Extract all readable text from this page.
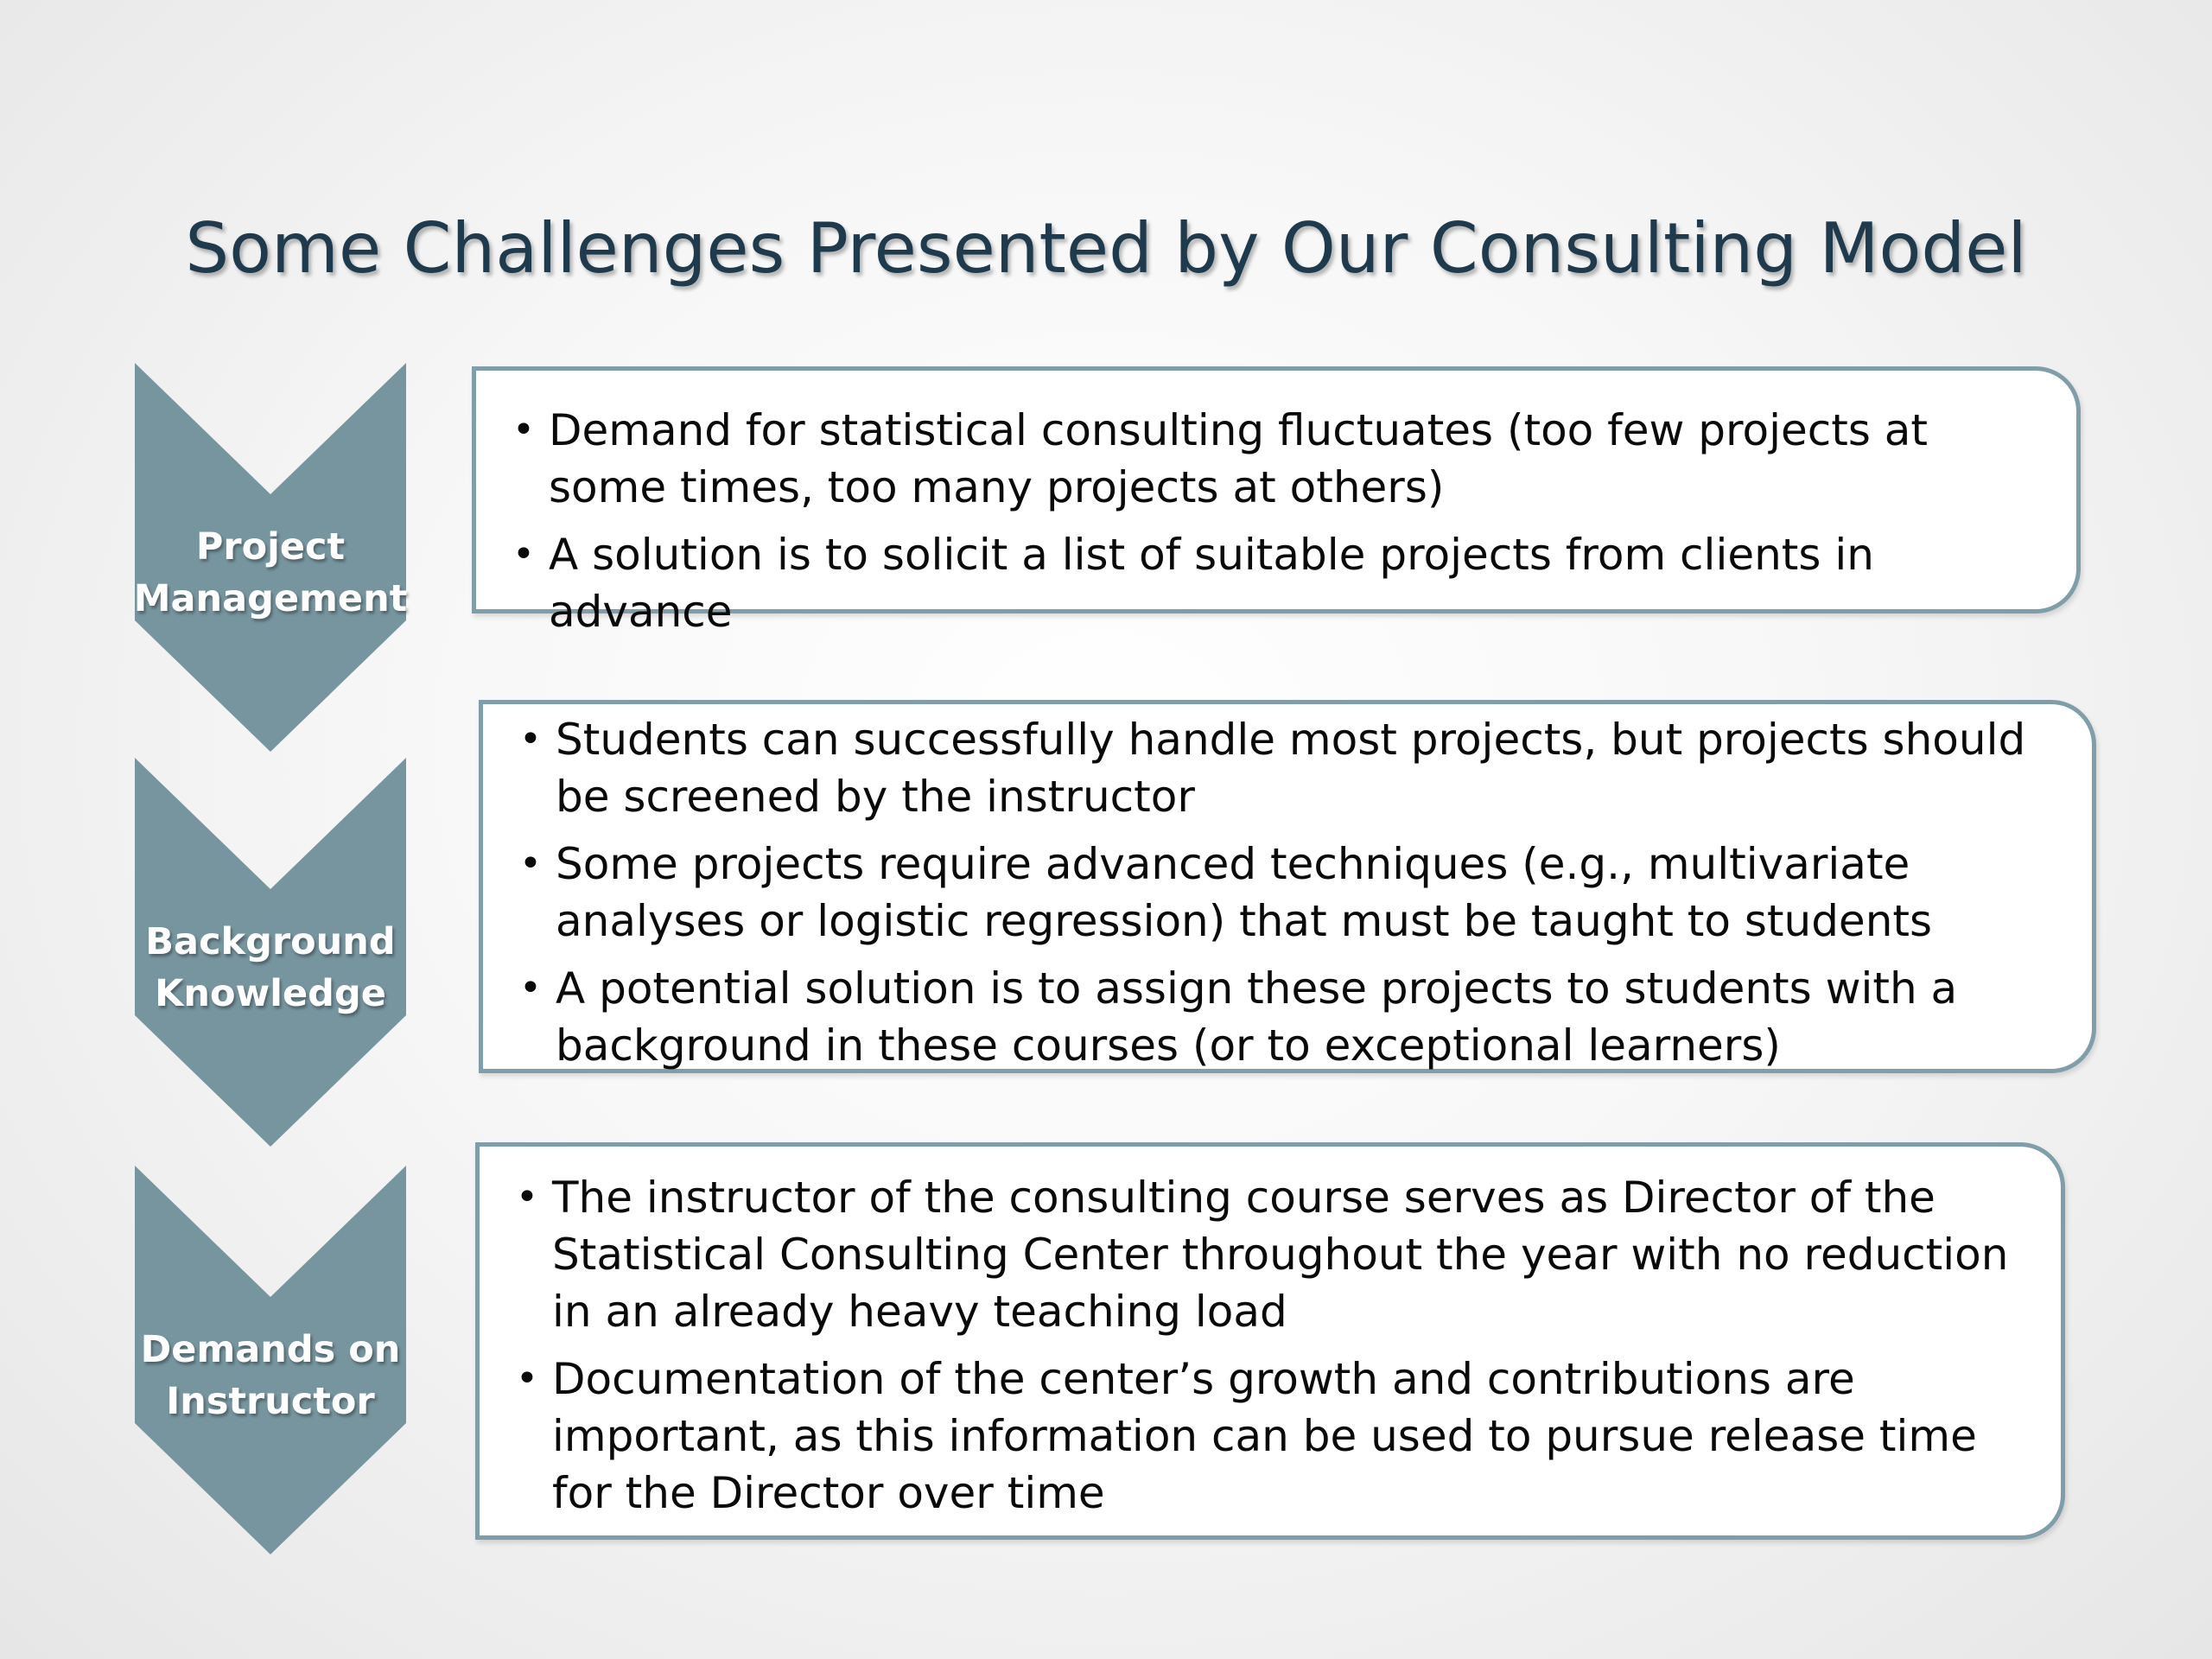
Some Challenges Presented by Our Consulting Model
Project
Management
• Demand for statistical consulting fluctuates (too few projects at some times, too many projects at others)
• A solution is to solicit a list of suitable projects from clients in advance
Background
Knowledge
• Students can successfully handle most projects, but projects should be screened by the instructor
• Some projects require advanced techniques (e.g., multivariate analyses or logistic regression) that must be taught to students
• A potential solution is to assign these projects to students with a background in these courses (or to exceptional learners)
Demands on
Instructor
• The instructor of the consulting course serves as Director of the Statistical Consulting Center throughout the year with no reduction in an already heavy teaching load
• Documentation of the center’s growth and contributions are important, as this information can be used to pursue release time for the Director over time
